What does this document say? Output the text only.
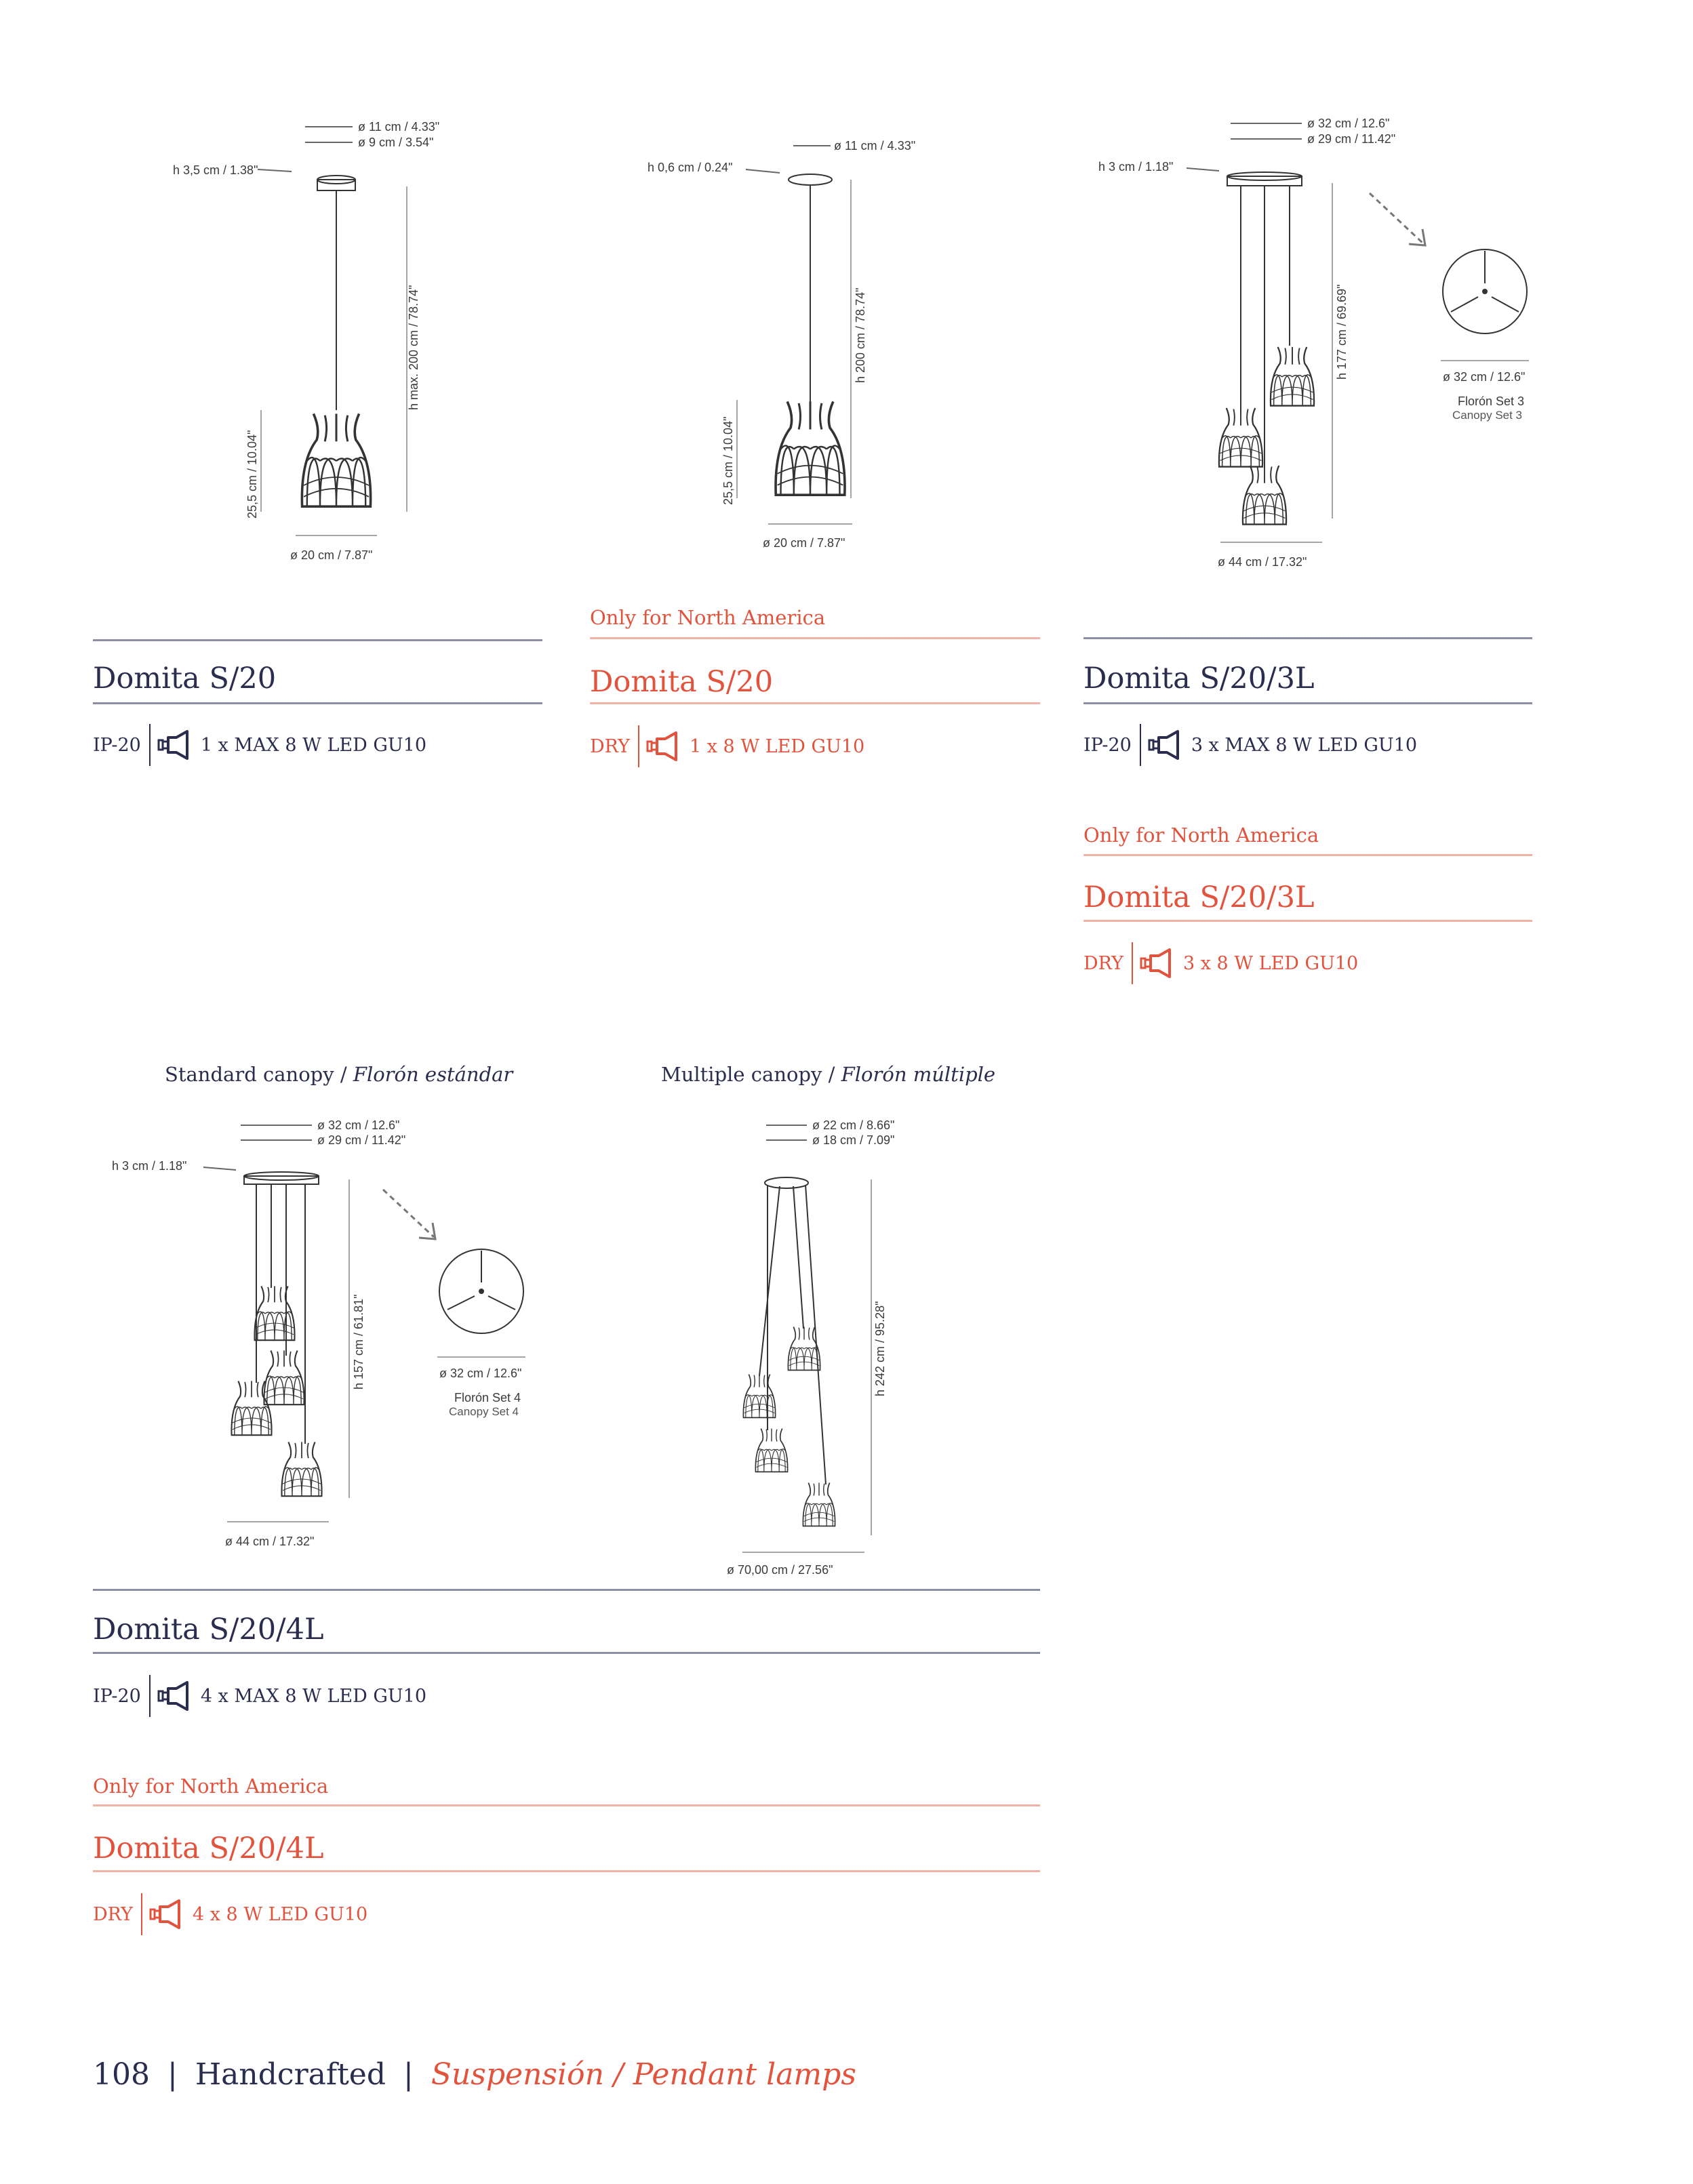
ø 11 cm / 4.33"
ø 9 cm / 3.54"
h 3,5 cm / 1.38"
h max. 200 cm / 78.74"
25,5 cm / 10.04"
ø 20 cm / 7.87"
ø 11 cm / 4.33"
h 0,6 cm / 0.24"
h 200 cm / 78.74"
25,5 cm / 10.04"
ø 20 cm / 7.87"
ø 32 cm / 12.6"
ø 29 cm / 11.42"
h 3 cm / 1.18"
h 177 cm / 69.69"	ø 32 cm / 12.6"
Florón Set 3
Canopy Set 3
ø 44 cm / 17.32"
Domita S/20
IP-20	1 x MAX 8 W LED GU10
Only for North America
Domita S/20
DRY	1 x 8 W LED GU10
Domita S/20/3L
IP-20	3 x MAX 8 W LED GU10
Only for North America
Domita S/20/3L
DRY	3 x 8 W LED GU10
Standard canopy / Florón estándar	Multiple canopy / Florón múltiple
ø 32 cm / 12.6"
ø 29 cm / 11.42"
h 3 cm / 1.18"
h 157 cm / 61.81"	ø 32 cm / 12.6"
Florón Set 4
Canopy Set 4
ø 44 cm / 17.32"
ø 22 cm / 8.66"
ø 18 cm / 7.09"
h 242 cm / 95.28"
ø 70,00 cm / 27.56"
Domita S/20/4L
IP-20	4 x MAX 8 W LED GU10
Only for North America
Domita S/20/4L
DRY	4 x 8 W LED GU10
108 | Handcrafted | Suspensión / Pendant lamps
